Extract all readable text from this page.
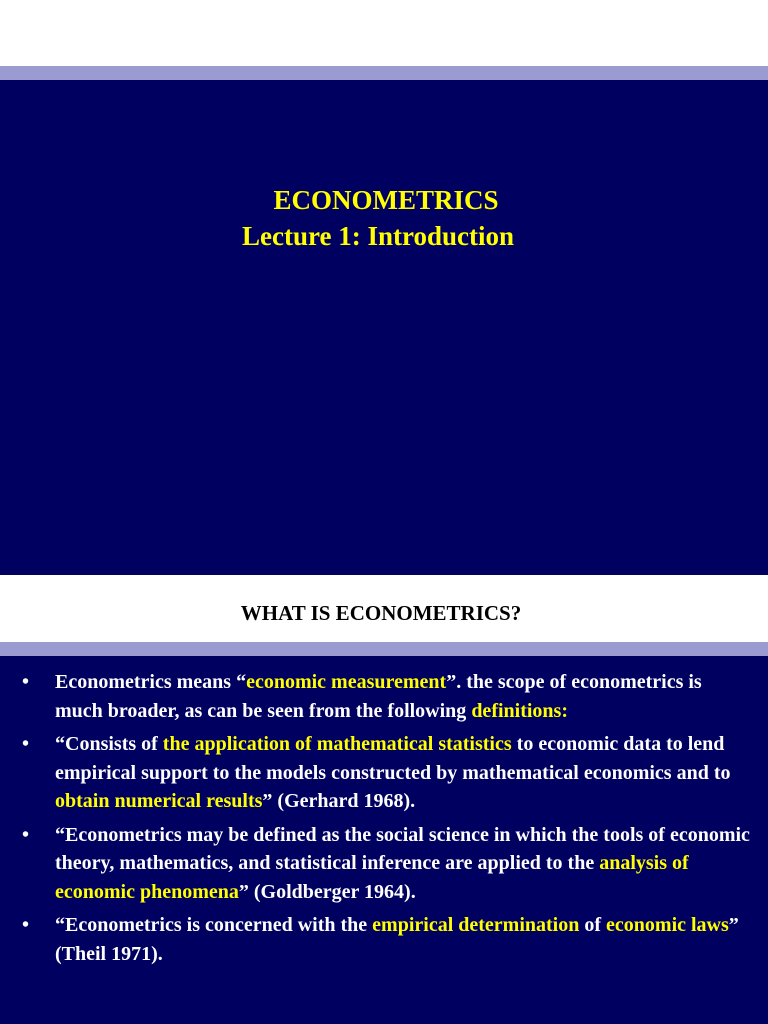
ECONOMETRICS
Lecture 1: Introduction
WHAT IS ECONOMETRICS?
• Econometrics means “economic measurement”. the scope of econometrics is much broader, as can be seen from the following definitions:
• “Consists of the application of mathematical statistics to economic data to lend empirical support to the models constructed by mathematical economics and to obtain numerical results” (Gerhard 1968).
• “Econometrics may be defined as the social science in which the tools of economic theory, mathematics, and statistical inference are applied to the analysis of economic phenomena” (Goldberger 1964).
• “Econometrics is concerned with the empirical determination of economic laws” (Theil 1971).
